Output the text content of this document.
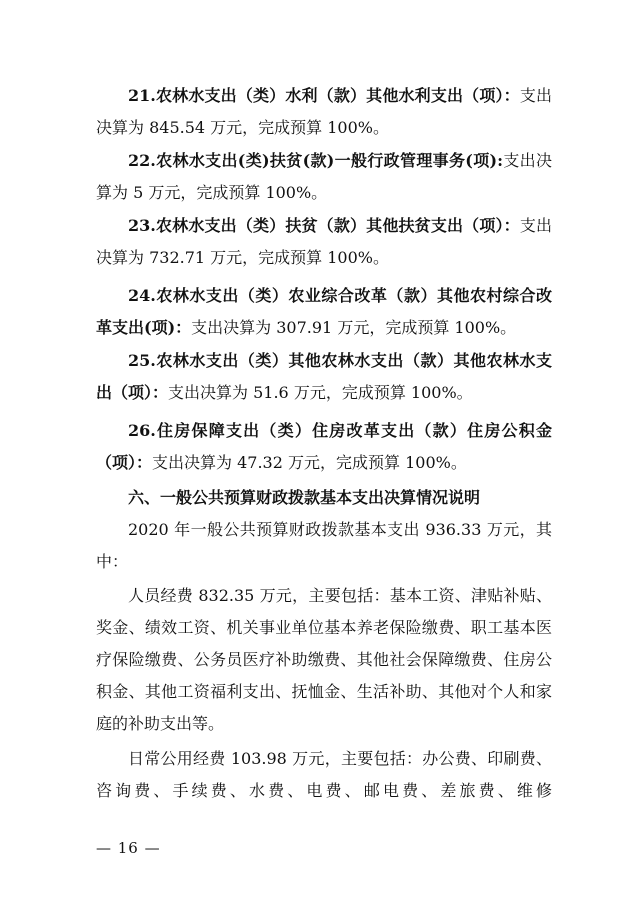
21.农林水支出（类）水利（款）其他水利支出（项）：支出决算为 845.54 万元，完成预算 100%。

22.农林水支出(类)扶贫(款)一般行政管理事务(项):支出决算为 5 万元，完成预算 100%。

23.农林水支出（类）扶贫（款）其他扶贫支出（项）：支出决算为 732.71 万元，完成预算 100%。

24.农林水支出（类）农业综合改革（款）其他农村综合改革支出(项)：支出决算为 307.91 万元，完成预算 100%。

25.农林水支出（类）其他农林水支出（款）其他农林水支出（项）：支出决算为 51.6 万元，完成预算 100%。

26.住房保障支出（类）住房改革支出（款）住房公积金（项）：支出决算为 47.32 万元，完成预算 100%。

六、一般公共预算财政拨款基本支出决算情况说明

2020 年一般公共预算财政拨款基本支出 936.33 万元，其中：

人员经费 832.35 万元，主要包括：基本工资、津贴补贴、奖金、绩效工资、机关事业单位基本养老保险缴费、职工基本医疗保险缴费、公务员医疗补助缴费、其他社会保障缴费、住房公积金、其他工资福利支出、抚恤金、生活补助、其他对个人和家庭的补助支出等。

日常公用经费 103.98 万元，主要包括：办公费、印刷费、咨询费、手续费、水费、电费、邮电费、差旅费、维修

— 16 —
